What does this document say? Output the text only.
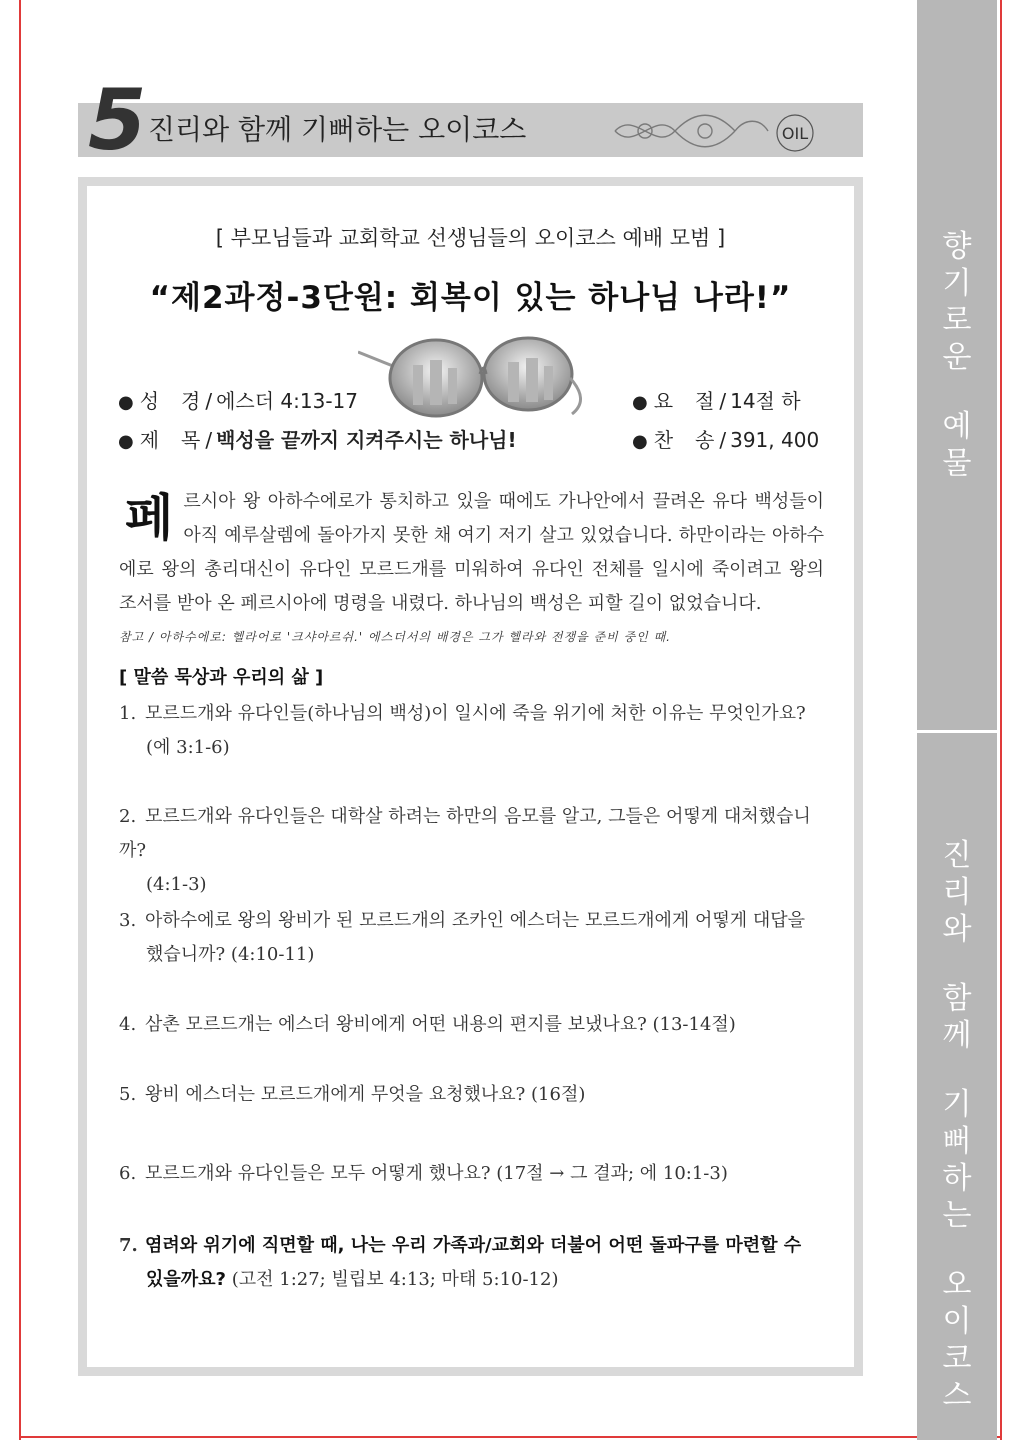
향
기
로
운
예
물
진
리
와
함
께
기
뻐
하
는
오
이
코
스
5 진리와 함께 기뻐하는 오이코스	OIL
[ 부모님들과 교회학교 선생님들의 오이코스 예배 모범 ]
“제2과정-3단원: 회복이 있는 하나님 나라!”
● 성　경 / 에스더 4:13-17
● 제　목 / 백성을 끝까지 지켜주시는 하나님!
● 요　절 / 14절 하
● 찬　송 / 391, 400
페르시아 왕 아하수에로가 통치하고 있을 때에도 가나안에서 끌려온 유다 백성들이 아직 예루살렘에 돌아가지 못한 채 여기 저기 살고 있었습니다. 하만이라는 아하수에로 왕의 총리대신이 유다인 모르드개를 미워하여 유다인 전체를 일시에 죽이려고 왕의 조서를 받아 온 페르시아에 명령을 내렸다. 하나님의 백성은 피할 길이 없었습니다.
참고 / 아하수에로: 헬라어로 '크샤아르쉬.' 에스더서의 배경은 그가 헬라와 전쟁을 준비 중인 때.
[ 말씀 묵상과 우리의 삶 ]
1. 모르드개와 유다인들(하나님의 백성)이 일시에 죽을 위기에 처한 이유는 무엇인가요?
(에 3:1-6)
2. 모르드개와 유다인들은 대학살 하려는 하만의 음모를 알고, 그들은 어떻게 대처했습니까?
(4:1-3)
3. 아하수에로 왕의 왕비가 된 모르드개의 조카인 에스더는 모르드개에게 어떻게 대답을
했습니까? (4:10-11)
4. 삼촌 모르드개는 에스더 왕비에게 어떤 내용의 편지를 보냈나요? (13-14절)
5. 왕비 에스더는 모르드개에게 무엇을 요청했나요? (16절)
6. 모르드개와 유다인들은 모두 어떻게 했나요? (17절 → 그 결과; 에 10:1-3)
7. 염려와 위기에 직면할 때, 나는 우리 가족과/교회와 더불어 어떤 돌파구를 마련할 수
있을까요? (고전 1:27; 빌립보 4:13; 마태 5:10-12)
